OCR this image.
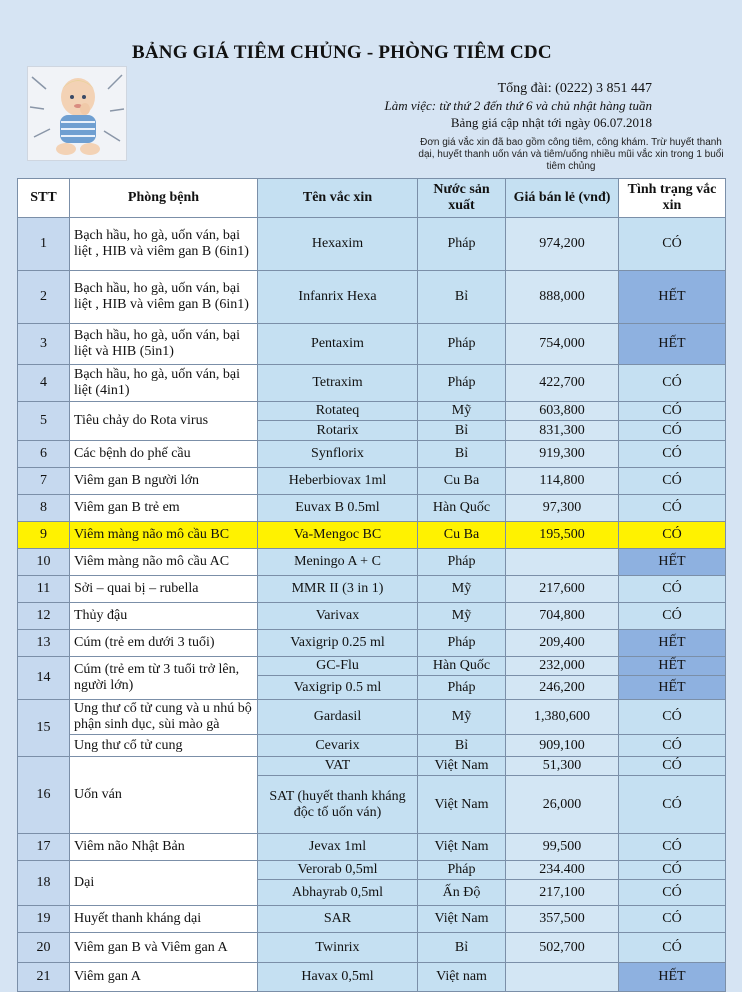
BẢNG GIÁ TIÊM CHỦNG - PHÒNG TIÊM CDC
Tổng đài: (0222) 3 851 447
Làm việc: từ thứ 2 đến thứ 6 và chủ nhật hàng tuần
Bảng giá cập nhật tới ngày 06.07.2018
Đơn giá vắc xin đã bao gồm công tiêm, công khám. Trừ huyết thanh dại, huyết thanh uốn ván và tiêm/uống nhiều mũi vắc xin trong 1 buổi tiêm chủng
STT	Phòng bệnh	Tên vắc xin	Nước sản xuất	Giá bán lẻ (vnđ)	Tình trạng vắc xin
1	Bạch hầu, ho gà, uốn ván, bại liệt , HIB và viêm gan B (6in1)	Hexaxim	Pháp	974,200	CÓ
2	Bạch hầu, ho gà, uốn ván, bại liệt , HIB và viêm gan B (6in1)	Infanrix Hexa	Bỉ	888,000	HẾT
3	Bạch hầu, ho gà, uốn ván, bại liệt và HIB (5in1)	Pentaxim	Pháp	754,000	HẾT
4	Bạch hầu, ho gà, uốn ván, bại liệt (4in1)	Tetraxim	Pháp	422,700	CÓ
5	Tiêu chảy do Rota virus	Rotateq	Mỹ	603,800	CÓ
		Rotarix	Bỉ	831,300	CÓ
6	Các bệnh do phế cầu	Synflorix	Bỉ	919,300	CÓ
7	Viêm gan B người lớn	Heberbiovax 1ml	Cu Ba	114,800	CÓ
8	Viêm gan B trẻ em	Euvax B 0.5ml	Hàn Quốc	97,300	CÓ
9	Viêm màng não mô cầu BC	Va-Mengoc BC	Cu Ba	195,500	CÓ
10	Viêm màng não mô cầu AC	Meningo A + C	Pháp		HẾT
11	Sởi – quai bị – rubella	MMR II (3 in 1)	Mỹ	217,600	CÓ
12	Thủy đậu	Varivax	Mỹ	704,800	CÓ
13	Cúm (trẻ em dưới 3 tuổi)	Vaxigrip 0.25 ml	Pháp	209,400	HẾT
14	Cúm (trẻ em từ 3 tuổi trở lên, người lớn)	GC-Flu	Hàn Quốc	232,000	HẾT
		Vaxigrip 0.5 ml	Pháp	246,200	HẾT
15	Ung thư cổ tử cung và u nhú bộ phận sinh dục, sùi mào gà	Gardasil	Mỹ	1,380,600	CÓ
	Ung thư cổ tử cung	Cevarix	Bỉ	909,100	CÓ
16	Uốn ván	VAT	Việt Nam	51,300	CÓ
		SAT (huyết thanh kháng độc tố uốn ván)	Việt Nam	26,000	CÓ
17	Viêm não Nhật Bản	Jevax 1ml	Việt Nam	99,500	CÓ
18	Dại	Verorab 0,5ml	Pháp	234.400	CÓ
		Abhayrab 0,5ml	Ấn Độ	217,100	CÓ
19	Huyết thanh kháng dại	SAR	Việt Nam	357,500	CÓ
20	Viêm gan B và Viêm gan A	Twinrix	Bỉ	502,700	CÓ
21	Viêm gan A	Havax 0,5ml	Việt nam		HẾT
